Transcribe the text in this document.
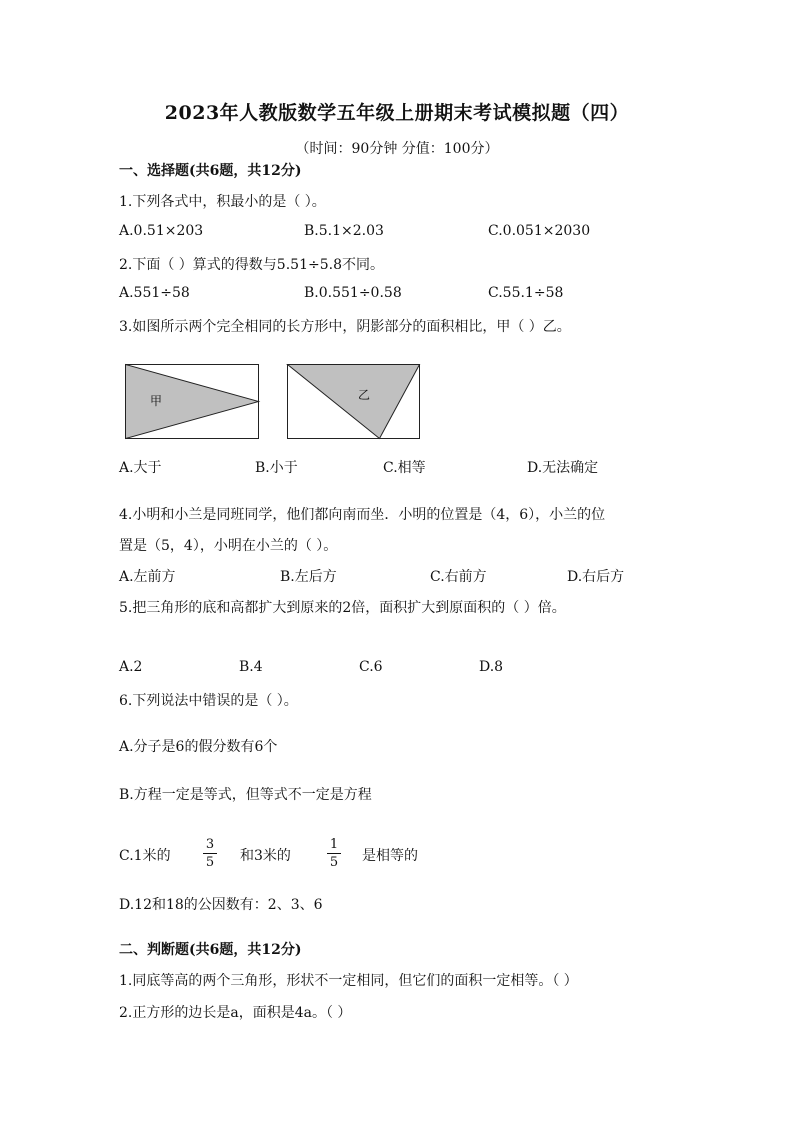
2023年人教版数学五年级上册期末考试模拟题（四）
（时间：90分钟 分值：100分）
一、选择题(共6题，共12分)
1.下列各式中，积最小的是（ ）。
A.0.51×203	B.5.1×2.03	C.0.051×2030
2.下面（ ）算式的得数与5.51÷5.8不同。
A.551÷58	B.0.551÷0.58	C.55.1÷58
3.如图所示两个完全相同的长方形中，阴影部分的面积相比，甲（ ）乙。
甲	乙
A.大于	B.小于	C.相等	D.无法确定
4.小明和小兰是同班同学，他们都向南而坐．小明的位置是（4，6），小兰的位
置是（5，4），小明在小兰的（ ）。
A.左前方	B.左后方	C.右前方	D.右后方
5.把三角形的底和高都扩大到原来的2倍，面积扩大到原面积的（ ）倍。
A.2	B.4	C.6	D.8
6.下列说法中错误的是（ ）。
A.分子是6的假分数有6个
B.方程一定是等式，但等式不一定是方程
C.1米的
3
5 和3米的
1
5 是相等的
D.12和18的公因数有：2、3、6
二、判断题(共6题，共12分)
1.同底等高的两个三角形，形状不一定相同，但它们的面积一定相等。（ ）
2.正方形的边长是a，面积是4a。（ ）
